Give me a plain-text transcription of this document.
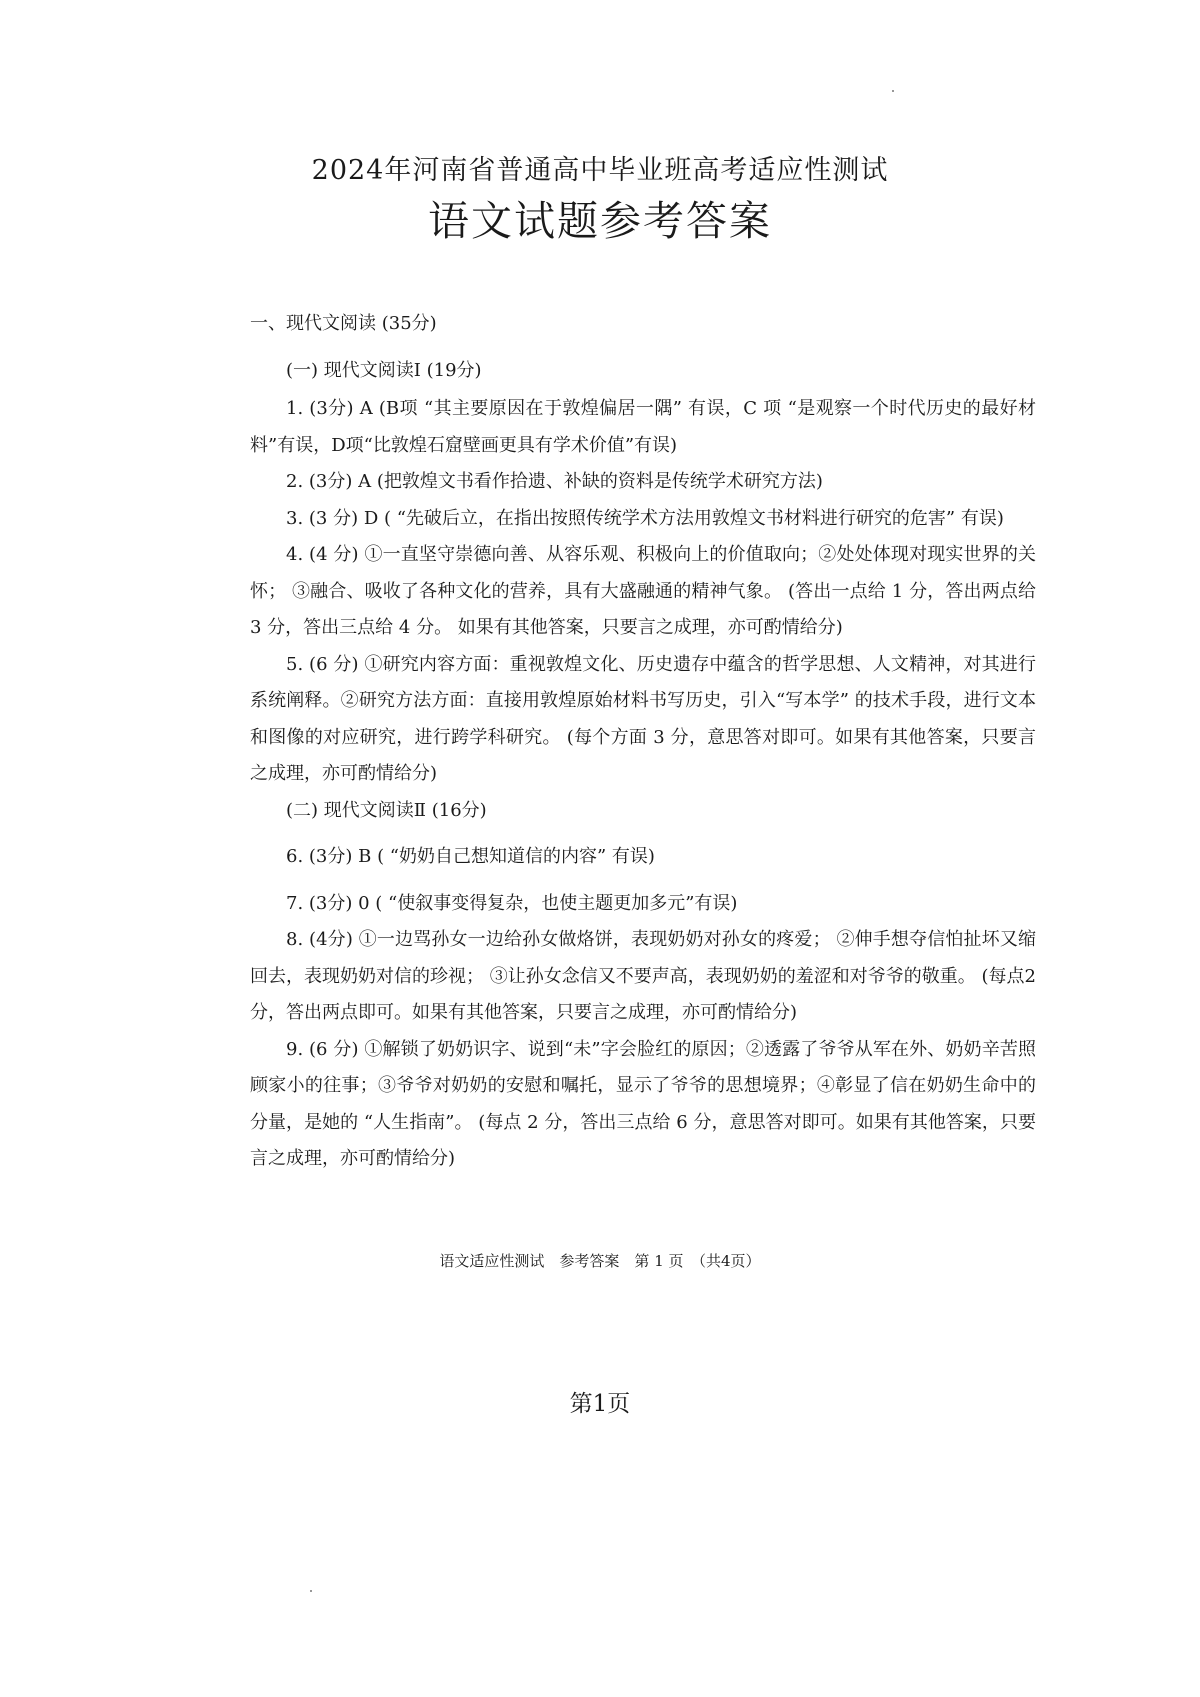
2024年河南省普通高中毕业班高考适应性测试
语文试题参考答案

一、现代文阅读 (35分)

(一) 现代文阅读Ⅰ (19分)

1. (3分) A (B项 “其主要原因在于敦煌偏居一隅” 有误，C 项 “是观察一个时代历史的最好材料”有误，D项“比敦煌石窟壁画更具有学术价值”有误)

2. (3分) A (把敦煌文书看作拾遗、补缺的资料是传统学术研究方法)

3. (3 分) D ( “先破后立，在指出按照传统学术方法用敦煌文书材料进行研究的危害” 有误)

4. (4 分) ①一直坚守崇德向善、从容乐观、积极向上的价值取向；②处处体现对现实世界的关怀； ③融合、吸收了各种文化的营养，具有大盛融通的精神气象。 (答出一点给 1 分，答出两点给 3 分，答出三点给 4 分。 如果有其他答案，只要言之成理，亦可酌情给分)

5. (6 分) ①研究内容方面：重视敦煌文化、历史遗存中蕴含的哲学思想、人文精神，对其进行系统阐释。②研究方法方面：直接用敦煌原始材料书写历史，引入“写本学” 的技术手段，进行文本和图像的对应研究，进行跨学科研究。 (每个方面 3 分，意思答对即可。如果有其他答案，只要言之成理，亦可酌情给分)

(二) 现代文阅读Ⅱ (16分)

6. (3分) B ( “奶奶自己想知道信的内容” 有误)

7. (3分) 0 ( “使叙事变得复杂，也使主题更加多元”有误)

8. (4分) ①一边骂孙女一边给孙女做烙饼，表现奶奶对孙女的疼爱； ②伸手想夺信怕扯坏又缩回去，表现奶奶对信的珍视； ③让孙女念信又不要声高，表现奶奶的羞涩和对爷爷的敬重。 (每点2分，答出两点即可。如果有其他答案，只要言之成理，亦可酌情给分)

9. (6 分) ①解锁了奶奶识字、说到“未”字会脸红的原因；②透露了爷爷从军在外、奶奶辛苦照顾家小的往事；③爷爷对奶奶的安慰和嘱托，显示了爷爷的思想境界；④彰显了信在奶奶生命中的分量，是她的 “人生指南”。 (每点 2 分，答出三点给 6 分，意思答对即可。如果有其他答案，只要言之成理，亦可酌情给分)

语文适应性测试　参考答案　第 1 页　（共4页）
第1页
